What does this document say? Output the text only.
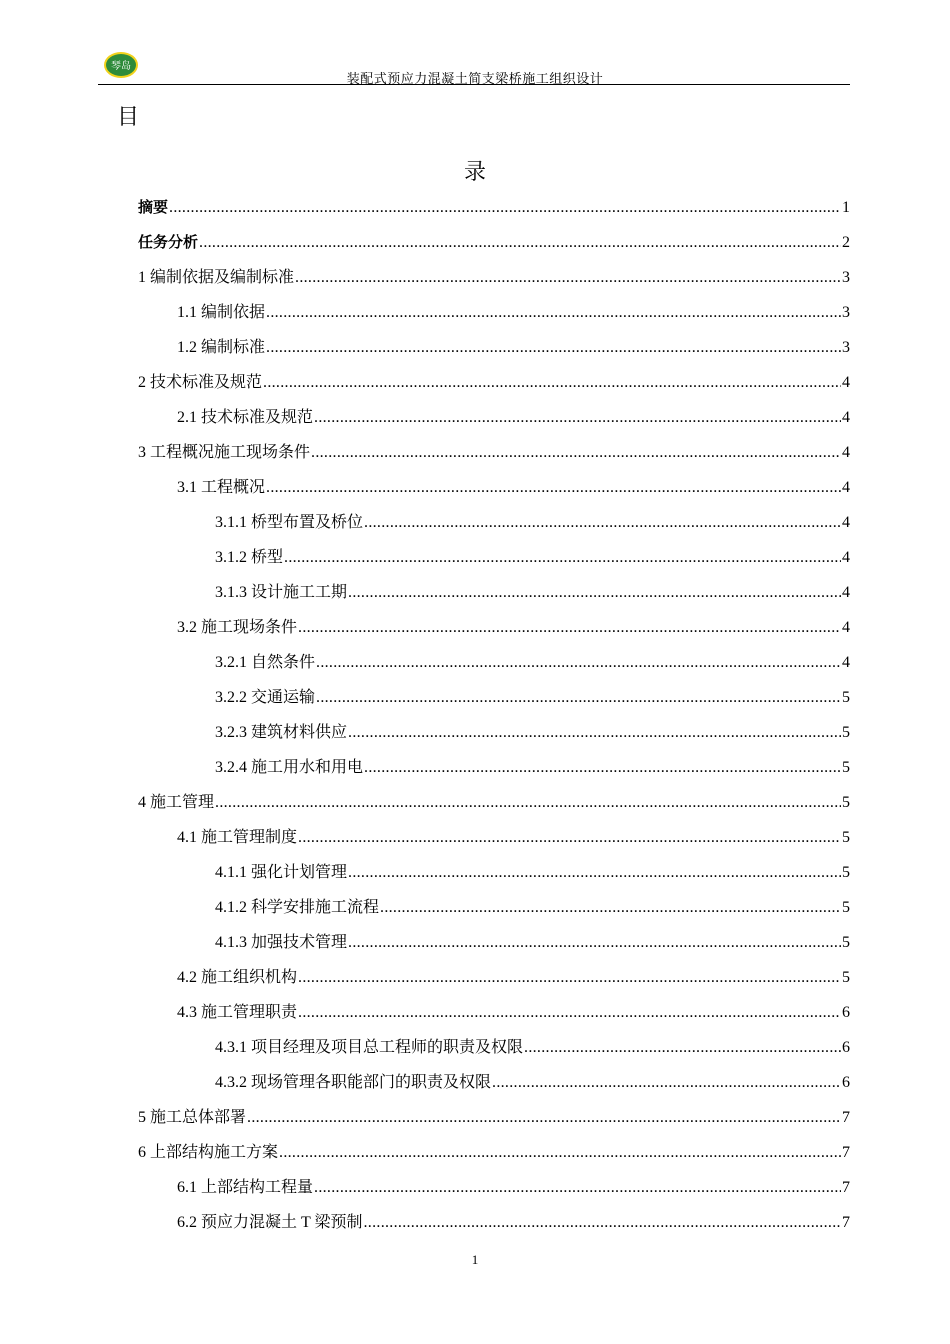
琴岛
装配式预应力混凝土简支梁桥施工组织设计
目
录
摘要 .....	1
任务分析 .....	2
1 编制依据及编制标准 .....	3
1.1 编制依据 .....	3
1.2 编制标准 .....	3
2 技术标准及规范 .....	4
2.1 技术标准及规范 .....	4
3 工程概况施工现场条件 .....	4
3.1 工程概况 .....	4
3.1.1 桥型布置及桥位 .....	4
3.1.2 桥型 .....	4
3.1.3 设计施工工期 .....	4
3.2 施工现场条件 .....	4
3.2.1 自然条件 .....	4
3.2.2 交通运输 .....	5
3.2.3 建筑材料供应 .....	5
3.2.4 施工用水和用电 .....	5
4 施工管理 .....	5
4.1 施工管理制度 .....	5
4.1.1 强化计划管理 .....	5
4.1.2 科学安排施工流程 .....	5
4.1.3 加强技术管理 .....	5
4.2 施工组织机构 .....	5
4.3 施工管理职责 .....	6
4.3.1 项目经理及项目总工程师的职责及权限 .....	6
4.3.2 现场管理各职能部门的职责及权限 .....	6
5 施工总体部署 .....	7
6 上部结构施工方案 .....	7
6.1 上部结构工程量 .....	7
6.2 预应力混凝土 T 梁预制 .....	7
1
